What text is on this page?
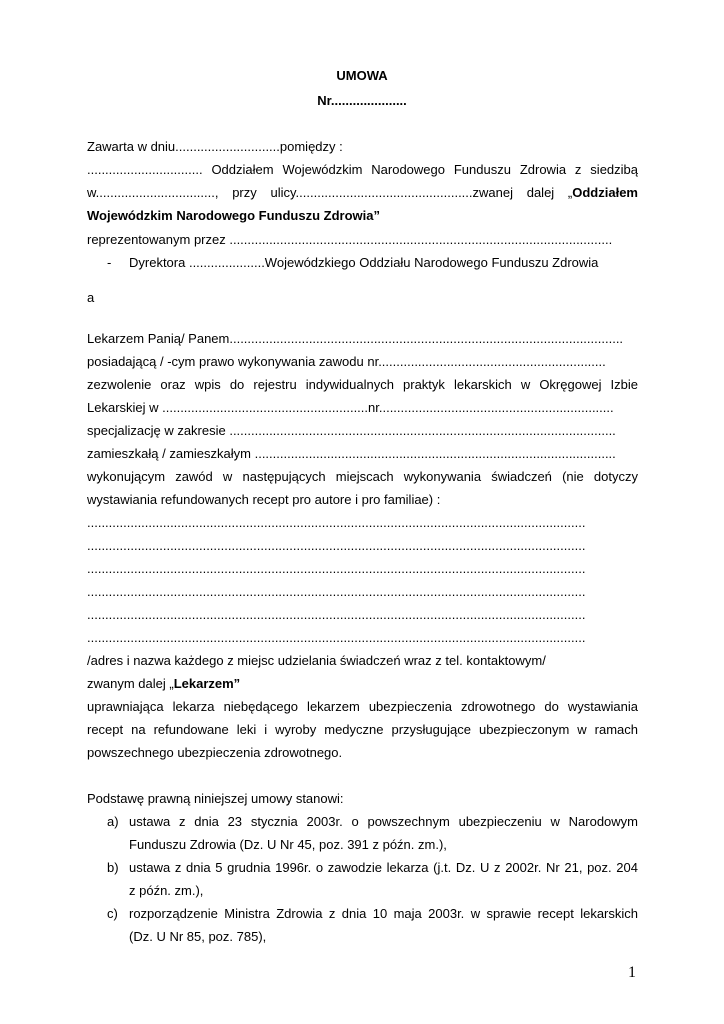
UMOWA
Nr.....................
Zawarta w dniu.............................pomiędzy :
................................ Oddziałem Wojewódzkim Narodowego Funduszu Zdrowia z siedzibą
w................................., przy ulicy.................................................zwanej dalej „Oddziałem
Wojewódzkim Narodowego Funduszu Zdrowia”
reprezentowanym przez ..........................................................................................................
- Dyrektora .....................Wojewódzkiego Oddziału Narodowego Funduszu Zdrowia
a
Lekarzem Panią/ Panem.............................................................................................................
posiadającą / -cym prawo wykonywania zawodu nr...............................................................
zezwolenie oraz wpis do rejestru indywidualnych praktyk lekarskich w Okręgowej Izbie
Lekarskiej w .........................................................nr.................................................................
specjalizację w zakresie ...........................................................................................................
zamieszkałą / zamieszkałym ....................................................................................................
wykonującym zawód w następujących miejscach wykonywania świadczeń (nie dotyczy
wystawiania refundowanych recept pro autore i pro familiae) :
..........................................................................................................................................
..........................................................................................................................................
..........................................................................................................................................
..........................................................................................................................................
..........................................................................................................................................
..........................................................................................................................................
/adres i nazwa każdego z miejsc udzielania świadczeń wraz z tel. kontaktowym/
zwanym dalej „Lekarzem”
uprawniająca lekarza niebędącego lekarzem ubezpieczenia zdrowotnego do wystawiania
recept na refundowane leki i wyroby medyczne przysługujące ubezpieczonym w ramach
powszechnego ubezpieczenia zdrowotnego.
Podstawę prawną niniejszej umowy stanowi:
a) ustawa z dnia 23 stycznia 2003r. o powszechnym ubezpieczeniu w Narodowym
Funduszu Zdrowia (Dz. U Nr 45, poz. 391 z późn. zm.),
b) ustawa z dnia 5 grudnia 1996r. o zawodzie lekarza (j.t. Dz. U z 2002r. Nr 21, poz. 204
z późn. zm.),
c) rozporządzenie Ministra Zdrowia z dnia 10 maja 2003r. w sprawie recept lekarskich
(Dz. U Nr 85, poz. 785),
1
